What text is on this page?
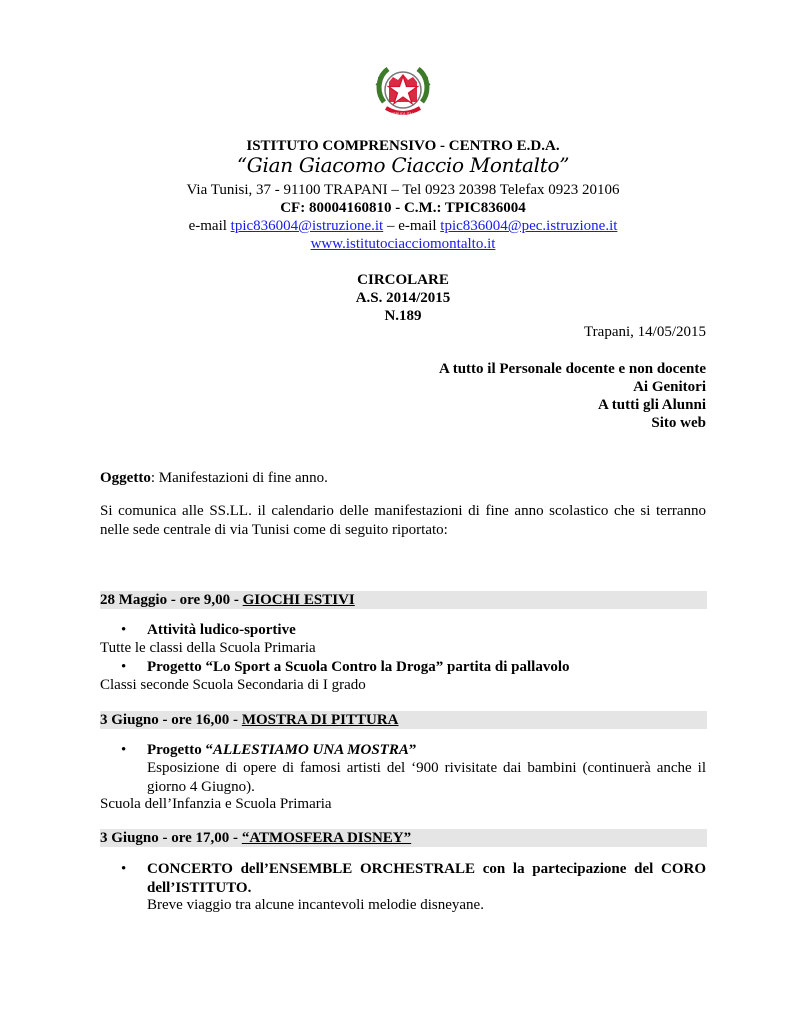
REPUBBLICA ITALIANA
ISTITUTO COMPRENSIVO - CENTRO E.D.A.
“Gian Giacomo Ciaccio Montalto”
Via Tunisi, 37 - 91100 TRAPANI – Tel 0923 20398 Telefax 0923 20106
CF: 80004160810 - C.M.: TPIC836004
e-mail tpic836004@istruzione.it – e-mail tpic836004@pec.istruzione.it
www.istitutociacciomontalto.it
CIRCOLARE
A.S. 2014/2015
N.189
Trapani, 14/05/2015
A tutto il Personale docente e non docente
Ai Genitori
A tutti gli Alunni
Sito web
Oggetto: Manifestazioni di fine anno.
Si comunica alle SS.LL. il calendario delle manifestazioni di fine anno scolastico che si terranno nelle sede centrale di via Tunisi come di seguito riportato:
28 Maggio - ore 9,00 - GIOCHI ESTIVI
• Attività ludico-sportive
Tutte le classi della Scuola Primaria
• Progetto “Lo Sport a Scuola Contro la Droga” partita di pallavolo
Classi seconde Scuola Secondaria di I grado
3 Giugno - ore 16,00 - MOSTRA DI PITTURA
• Progetto “ALLESTIAMO UNA MOSTRA”
Esposizione di opere di famosi artisti del ‘900 rivisitate dai bambini (continuerà anche il giorno 4 Giugno).
Scuola dell’Infanzia e Scuola Primaria
3 Giugno - ore 17,00 - “ATMOSFERA DISNEY”
• CONCERTO dell’ENSEMBLE ORCHESTRALE con la partecipazione del CORO dell’ISTITUTO.
Breve viaggio tra alcune incantevoli melodie disneyane.
